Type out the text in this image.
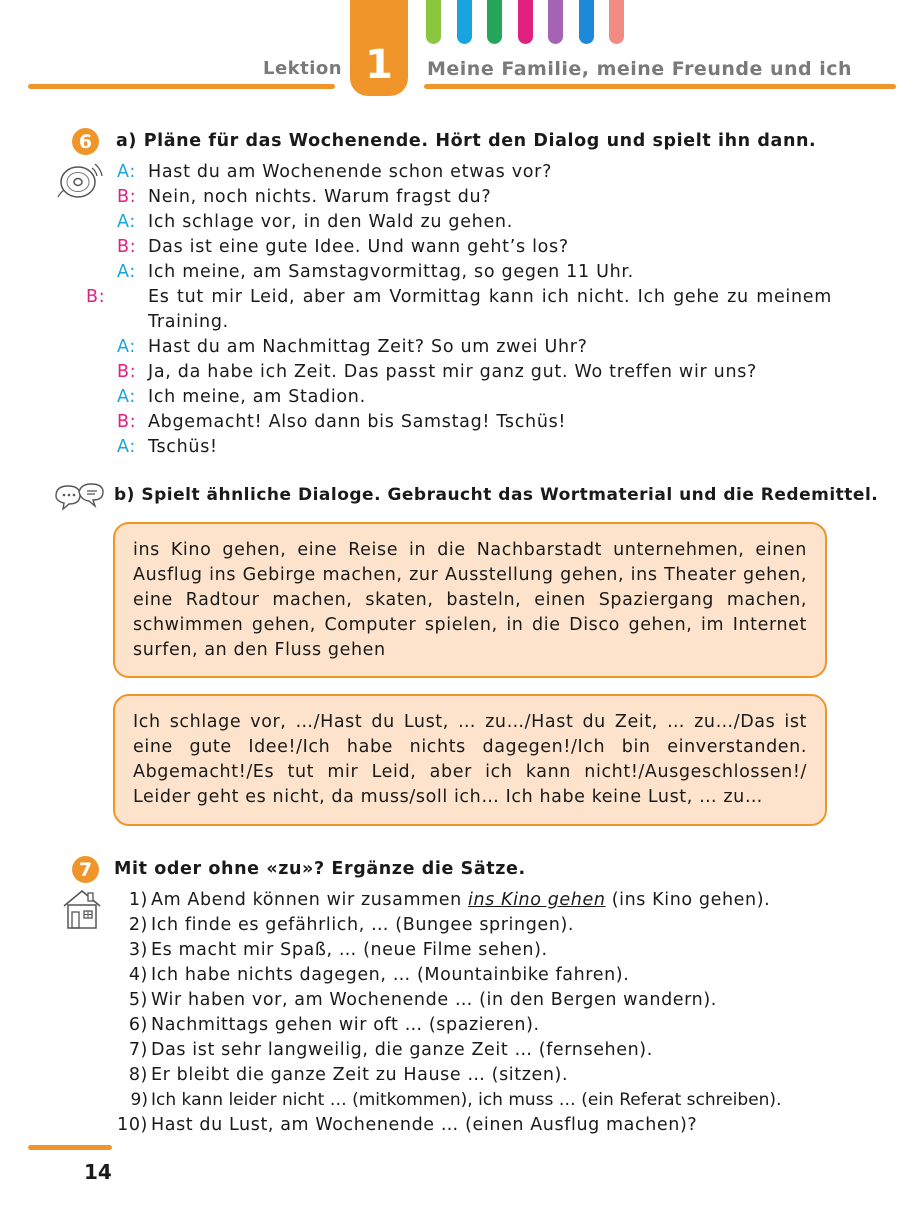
Lektion 1 Meine Familie, meine Freunde und ich
6	a) Pläne für das Wochenende. Hört den Dialog und spielt ihn dann.
A: Hast du am Wochenende schon etwas vor?
B: Nein, noch nichts. Warum fragst du?
A: Ich schlage vor, in den Wald zu gehen.
B: Das ist eine gute Idee. Und wann geht’s los?
A: Ich meine, am Samstagvormittag, so gegen 11 Uhr.
B: Es tut mir Leid, aber am Vormittag kann ich nicht. Ich gehe zu meinem Training.
A: Hast du am Nachmittag Zeit? So um zwei Uhr?
B: Ja, da habe ich Zeit. Das passt mir ganz gut. Wo treffen wir uns?
A: Ich meine, am Stadion.
B: Abgemacht! Also dann bis Samstag! Tschüs!
A: Tschüs!
b) Spielt ähnliche Dialoge. Gebraucht das Wortmaterial und die Redemittel.
ins Kino gehen, eine Reise in die Nachbarstadt unternehmen, einen Ausflug ins Gebirge machen, zur Ausstellung gehen, ins Theater gehen, eine Radtour machen, skaten, basteln, einen Spaziergang machen, schwimmen gehen, Computer spielen, in die Disco gehen, im Internet surfen, an den Fluss gehen
Ich schlage vor, …/Hast du Lust, … zu…/Hast du Zeit, … zu…/Das ist eine gute Idee!/Ich habe nichts dagegen!/Ich bin einverstanden. Abgemacht!/Es tut mir Leid, aber ich kann nicht!/Ausgeschlossen!/ Leider geht es nicht, da muss/soll ich… Ich habe keine Lust, … zu…
7	Mit oder ohne «zu»? Ergänze die Sätze.
1) Am Abend können wir zusammen ins Kino gehen (ins Kino gehen).
2) Ich finde es gefährlich, … (Bungee springen).
3) Es macht mir Spaß, … (neue Filme sehen).
4) Ich habe nichts dagegen, … (Mountainbike fahren).
5) Wir haben vor, am Wochenende … (in den Bergen wandern).
6) Nachmittags gehen wir oft … (spazieren).
7) Das ist sehr langweilig, die ganze Zeit … (fernsehen).
8) Er bleibt die ganze Zeit zu Hause … (sitzen).
9) Ich kann leider nicht … (mitkommen), ich muss … (ein Referat schreiben).
10) Hast du Lust, am Wochenende … (einen Ausflug machen)?
14
